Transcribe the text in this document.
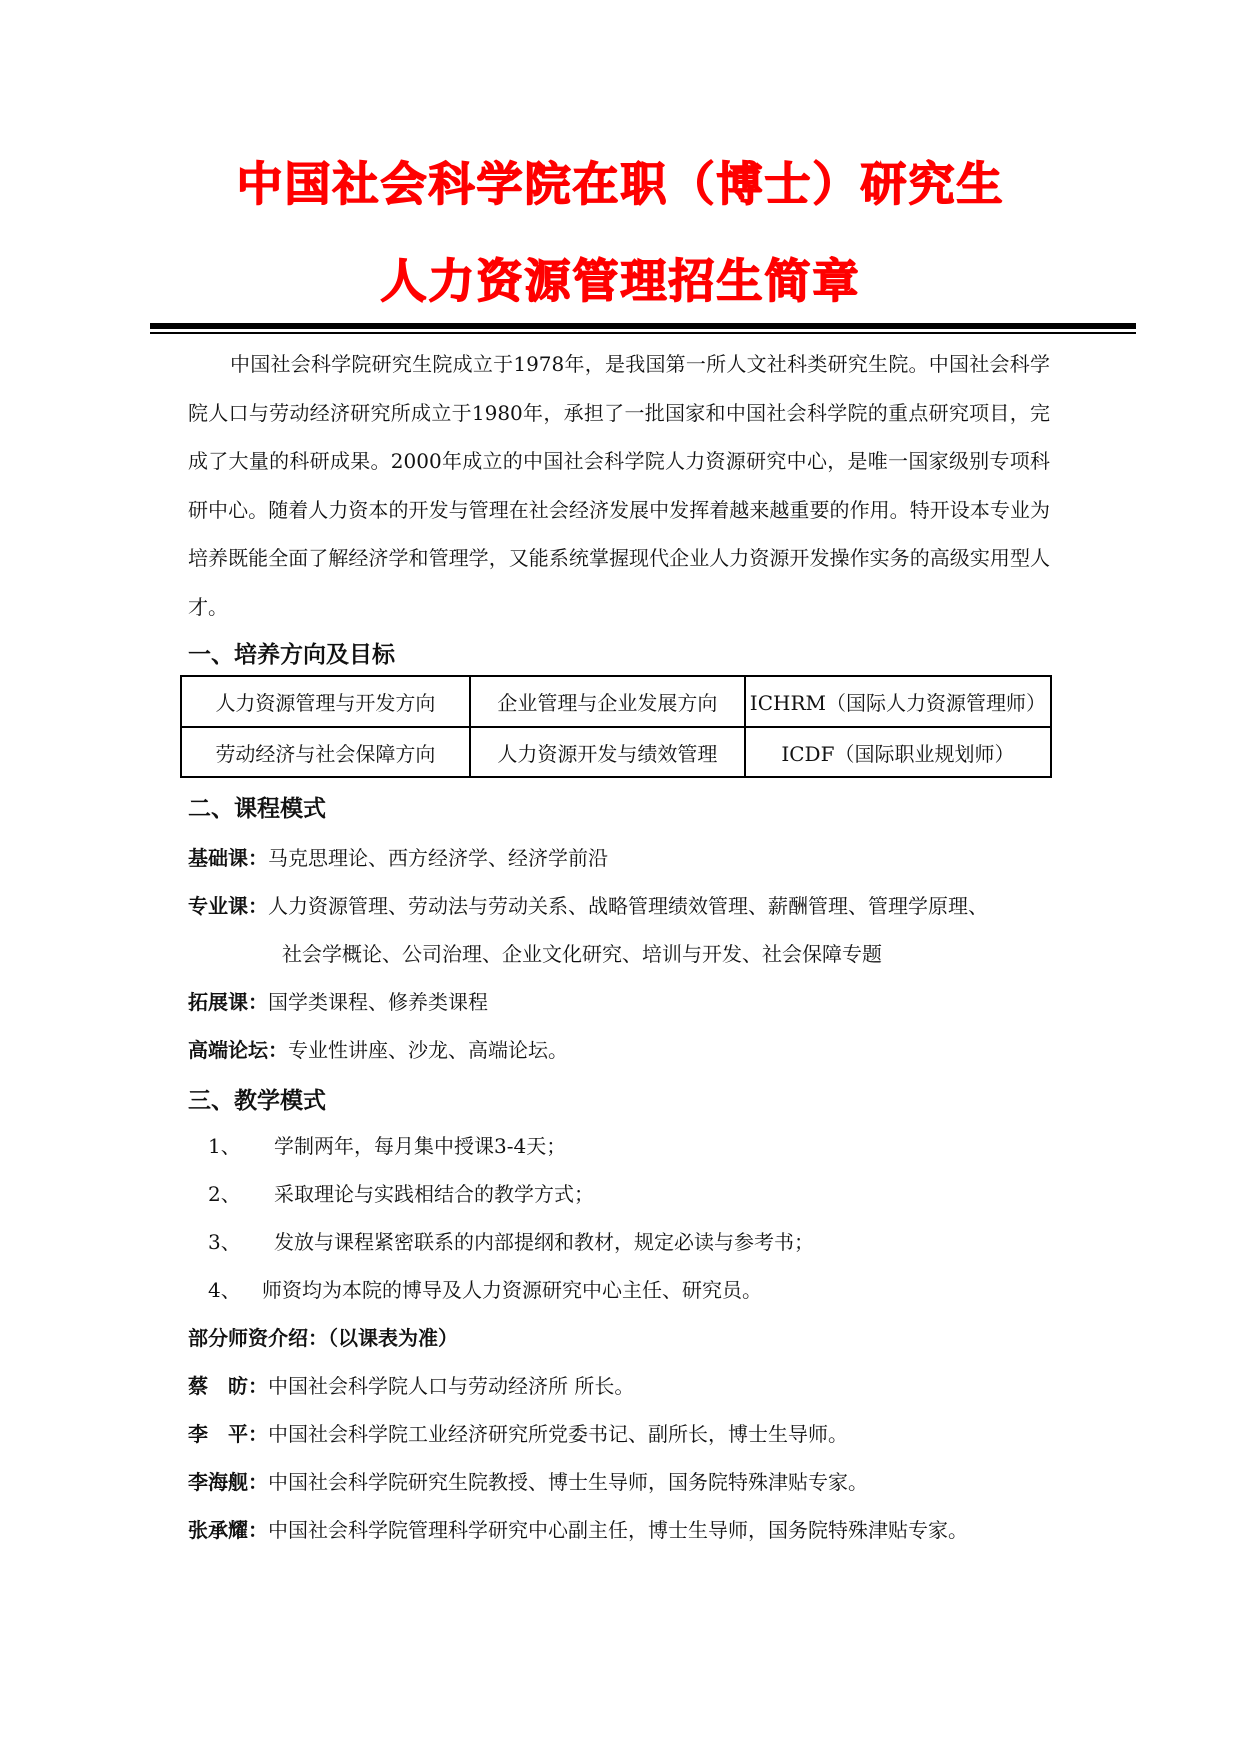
中国社会科学院在职（博士）研究生
人力资源管理招生简章
中国社会科学院研究生院成立于1978年，是我国第一所人文社科类研究生院。中国社会科学院人口与劳动经济研究所成立于1980年，承担了一批国家和中国社会科学院的重点研究项目，完成了大量的科研成果。2000年成立的中国社会科学院人力资源研究中心，是唯一国家级别专项科研中心。随着人力资本的开发与管理在社会经济发展中发挥着越来越重要的作用。特开设本专业为培养既能全面了解经济学和管理学，又能系统掌握现代企业人力资源开发操作实务的高级实用型人才。
一、培养方向及目标
人力资源管理与开发方向	企业管理与企业发展方向	ICHRM（国际人力资源管理师）
劳动经济与社会保障方向	人力资源开发与绩效管理	ICDF（国际职业规划师）
二、课程模式
基础课：马克思理论、西方经济学、经济学前沿
专业课：人力资源管理、劳动法与劳动关系、战略管理绩效管理、薪酬管理、管理学原理、
社会学概论、公司治理、企业文化研究、培训与开发、社会保障专题
拓展课：国学类课程、修养类课程
高端论坛：专业性讲座、沙龙、高端论坛。
三、教学模式
1、 学制两年，每月集中授课3-4天；
2、 采取理论与实践相结合的教学方式；
3、 发放与课程紧密联系的内部提纲和教材，规定必读与参考书；
4、 师资均为本院的博导及人力资源研究中心主任、研究员。
部分师资介绍：（以课表为准）
蔡　昉：中国社会科学院人口与劳动经济所 所长。
李　平：中国社会科学院工业经济研究所党委书记、副所长，博士生导师。
李海舰：中国社会科学院研究生院教授、博士生导师，国务院特殊津贴专家。
张承耀：中国社会科学院管理科学研究中心副主任，博士生导师，国务院特殊津贴专家。
